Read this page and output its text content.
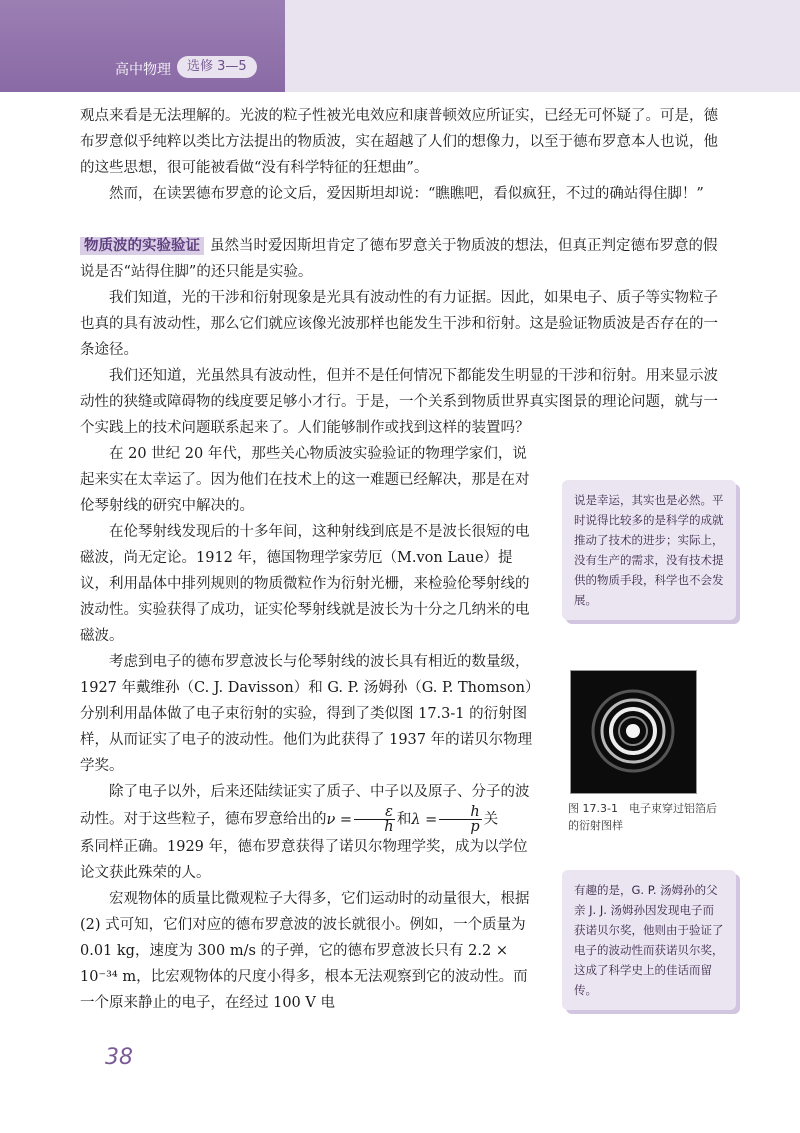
高中物理	选修 3—5

观点来看是无法理解的。光波的粒子性被光电效应和康普顿效应所证实，已经无可怀疑了。可是，德布罗意似乎纯粹以类比方法提出的物质波，实在超越了人们的想像力，以至于德布罗意本人也说，他的这些思想，很可能被看做“没有科学特征的狂想曲”。

然而，在读罢德布罗意的论文后，爱因斯坦却说：“瞧瞧吧，看似疯狂，不过的确站得住脚！”

物质波的实验验证 虽然当时爱因斯坦肯定了德布罗意关于物质波的想法，但真正判定德布罗意的假说是否“站得住脚”的还只能是实验。

我们知道，光的干涉和衍射现象是光具有波动性的有力证据。因此，如果电子、质子等实物粒子也真的具有波动性，那么它们就应该像光波那样也能发生干涉和衍射。这是验证物质波是否存在的一条途径。

我们还知道，光虽然具有波动性，但并不是任何情况下都能发生明显的干涉和衍射。用来显示波动性的狭缝或障碍物的线度要足够小才行。于是，一个关系到物质世界真实图景的理论问题，就与一个实践上的技术问题联系起来了。人们能够制作或找到这样的装置吗？

在 20 世纪 20 年代，那些关心物质波实验验证的物理学家们，说起来实在太幸运了。因为他们在技术上的这一难题已经解决，那是在对伦琴射线的研究中解决的。

在伦琴射线发现后的十多年间，这种射线到底是不是波长很短的电磁波，尚无定论。1912 年，德国物理学家劳厄（M.von Laue）提议，利用晶体中排列规则的物质微粒作为衍射光栅，来检验伦琴射线的波动性。实验获得了成功，证实伦琴射线就是波长为十分之几纳米的电磁波。

考虑到电子的德布罗意波长与伦琴射线的波长具有相近的数量级，1927 年戴维孙（C. J. Davisson）和 G. P. 汤姆孙（G. P. Thomson）分别利用晶体做了电子束衍射的实验，得到了类似图 17.3-1 的衍射图样，从而证实了电子的波动性。他们为此获得了 1937 年的诺贝尔物理学奖。

除了电子以外，后来还陆续证实了质子、中子以及原子、分子的波动性。对于这些粒子，德布罗意给出的$\nu = \frac{\varepsilon}{h}$ 和$\lambda = \frac{h}{p}$ 关

系同样正确。1929 年，德布罗意获得了诺贝尔物理学奖，成为以学位论文获此殊荣的人。

宏观物体的质量比微观粒子大得多，它们运动时的动量很大，根据 (2) 式可知，它们对应的德布罗意波的波长就很小。例如，一个质量为 0.01 kg，速度为 300 m/s 的子弹，它的德布罗意波长只有 2.2 × 10⁻³⁴ m，比宏观物体的尺度小得多，根本无法观察到它的波动性。而一个原来静止的电子，在经过 100 V 电

说是幸运，其实也是必然。平时说得比较多的是科学的成就推动了技术的进步；实际上，没有生产的需求，没有技术提供的物质手段，科学也不会发展。
图 17.3-1　电子束穿过铝箔后的衍射图样
有趣的是，G. P. 汤姆孙的父亲 J. J. 汤姆孙因发现电子而获诺贝尔奖，他则由于验证了电子的波动性而获诺贝尔奖，这成了科学史上的佳话而留传。
38
